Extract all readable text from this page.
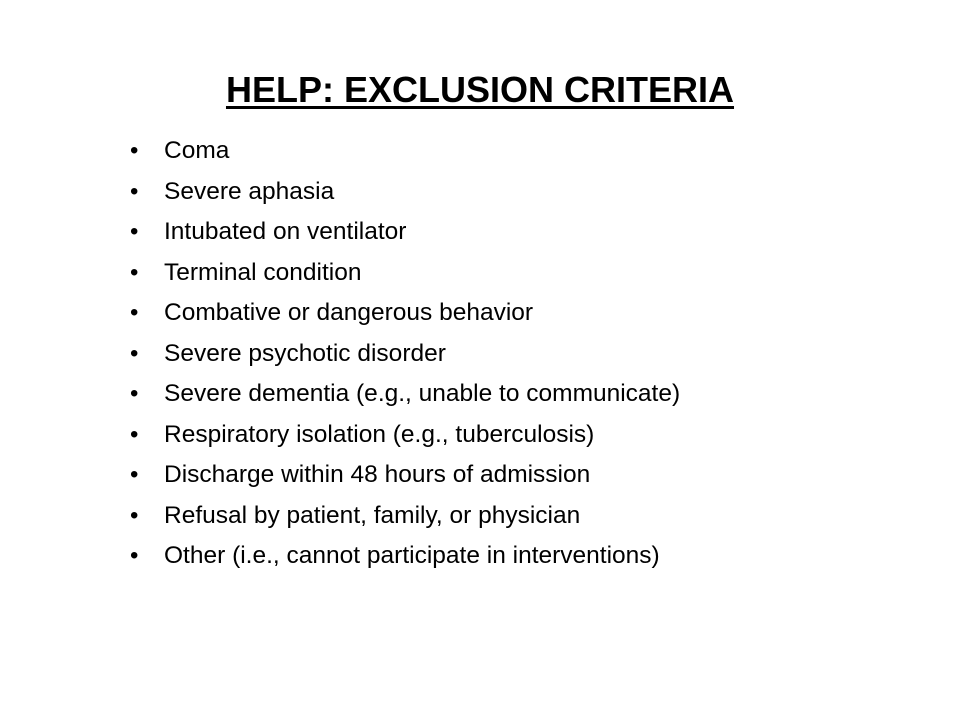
HELP: EXCLUSION CRITERIA
•	Coma
•	Severe aphasia
•	Intubated on ventilator
•	Terminal condition
•	Combative or dangerous behavior
•	Severe psychotic disorder
•	Severe dementia (e.g., unable to communicate)
•	Respiratory isolation (e.g., tuberculosis)
•	Discharge within 48 hours of admission
•	Refusal by patient, family, or physician
•	Other (i.e., cannot participate in interventions)
